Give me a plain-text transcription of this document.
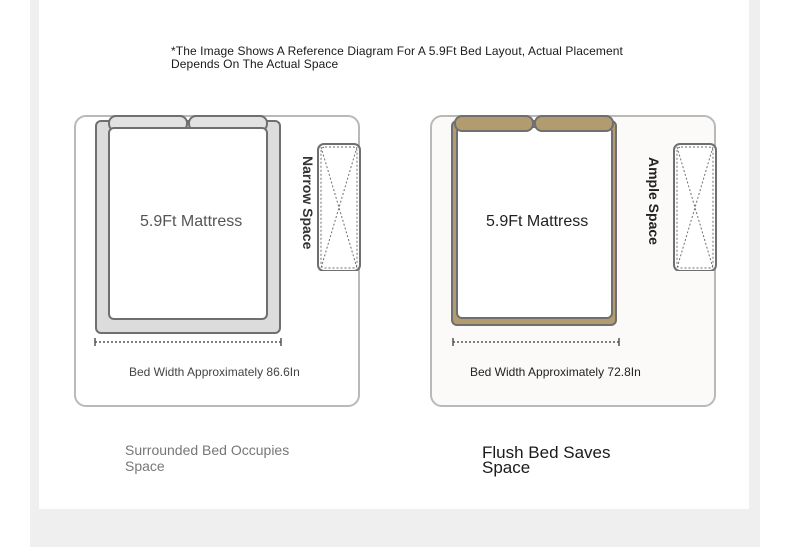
*The Image Shows A Reference Diagram For A 5.9Ft Bed Layout, Actual Placement Depends On The Actual Space
5.9Ft Mattress	Narrow Space
Bed Width Approximately 86.6In
5.9Ft Mattress	Ample Space
Bed Width Approximately 72.8In
Surrounded Bed Occupies Space
Flush Bed Saves Space
